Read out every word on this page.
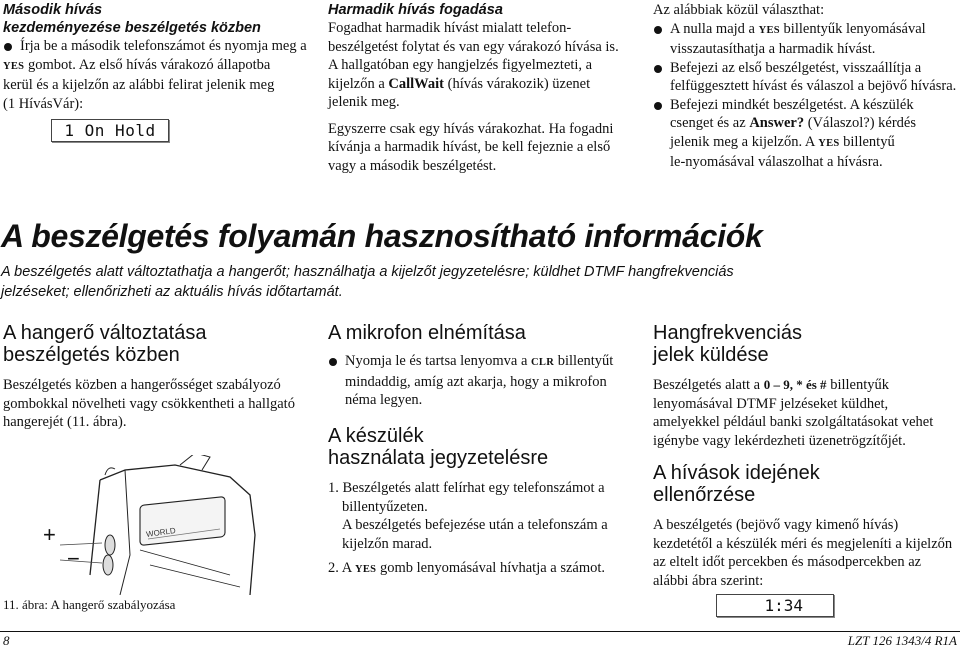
Második hívás
kezdeményezése beszélgetés közben
Írja be a második telefonszámot és nyomja meg a
YES gombot. Az első hívás várakozó állapotba
kerül és a kijelzőn az alábbi felirat jelenik meg
(1 HívásVár):
1 On Hold
Harmadik hívás fogadása
Fogadhat harmadik hívást mialatt telefon-
beszélgetést folytat és van egy várakozó hívása is.
A hallgatóban egy hangjelzés figyelmezteti, a
kijelzőn a CallWait (hívás várakozik) üzenet
jelenik meg.
Egyszerre csak egy hívás várakozhat. Ha fogadni
kívánja a harmadik hívást, be kell fejeznie a első
vagy a második beszélgetést.
Az alábbiak közül választhat:
A nulla majd a YES billentyűk lenyomásával
visszautasíthatja a harmadik hívást.
Befejezi az első beszélgetést, visszaállítja a
felfüggesztett hívást és válaszol a bejövő hívásra.
Befejezi mindkét beszélgetést. A készülék
csenget és az Answer? (Válaszol?) kérdés
jelenik meg a kijelzőn. A YES billentyű
le-nyomásával válaszolhat a hívásra.
A beszélgetés folyamán hasznosítható információk
A beszélgetés alatt változtathatja a hangerőt; használhatja a kijelzőt jegyzetelésre; küldhet DTMF hangfrekvenciás
jelzéseket; ellenőrizheti az aktuális hívás időtartamát.
A hangerő változtatása
beszélgetés közben
Beszélgetés közben a hangerősséget szabályozó
gombokkal növelheti vagy csökkentheti a hallgató
hangerejét (11. ábra).
+
−
WORLD
11. ábra: A hangerő szabályozása
A mikrofon elnémítása
Nyomja le és tartsa lenyomva a CLR billentyűt
mindaddig, amíg azt akarja, hogy a mikrofon
néma legyen.
A készülék
használata jegyzetelésre
1. Beszélgetés alatt felírhat egy telefonszámot a
billentyűzeten.
A beszélgetés befejezése után a telefonszám a
kijelzőn marad.
2. A YES gomb lenyomásával hívhatja a számot.
Hangfrekvenciás
jelek küldése
Beszélgetés alatt a 0 – 9, * és # billentyűk
lenyomásával DTMF jelzéseket küldhet,
amelyekkel például banki szolgáltatásokat vehet
igénybe vagy lekérdezheti üzenetrögzítőjét.
A hívások idejének
ellenőrzése
A beszélgetés (bejövő vagy kimenő hívás)
kezdetétől a készülék méri és megjeleníti a kijelzőn
az eltelt időt percekben és másodpercekben az
alábbi ábra szerint:
1:34
8	LZT 126 1343/4 R1A
